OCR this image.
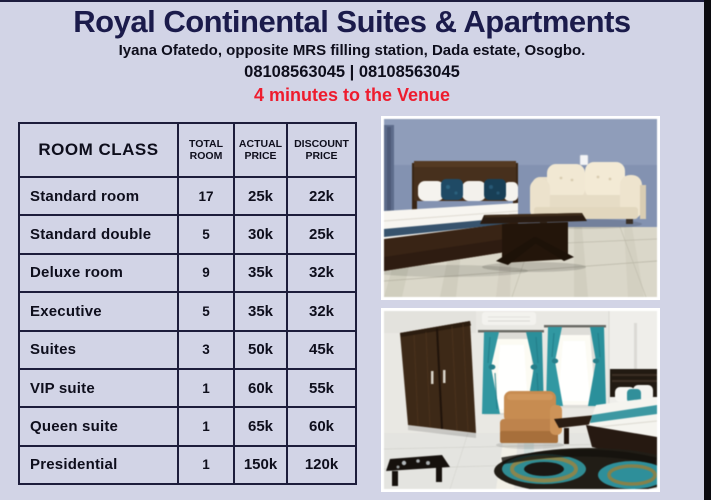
Royal Continental Suites & Apartments
Iyana Ofatedo, opposite MRS filling station, Dada estate, Osogbo.
08108563045 | 08108563045
4 minutes to the Venue
ROOM CLASS	TOTAL ROOM	ACTUAL PRICE	DISCOUNT PRICE
Standard room	17	25k	22k
Standard double	5	30k	25k
Deluxe room	9	35k	32k
Executive	5	35k	32k
Suites	3	50k	45k
VIP suite	1	60k	55k
Queen suite	1	65k	60k
Presidential	1	150k	120k
